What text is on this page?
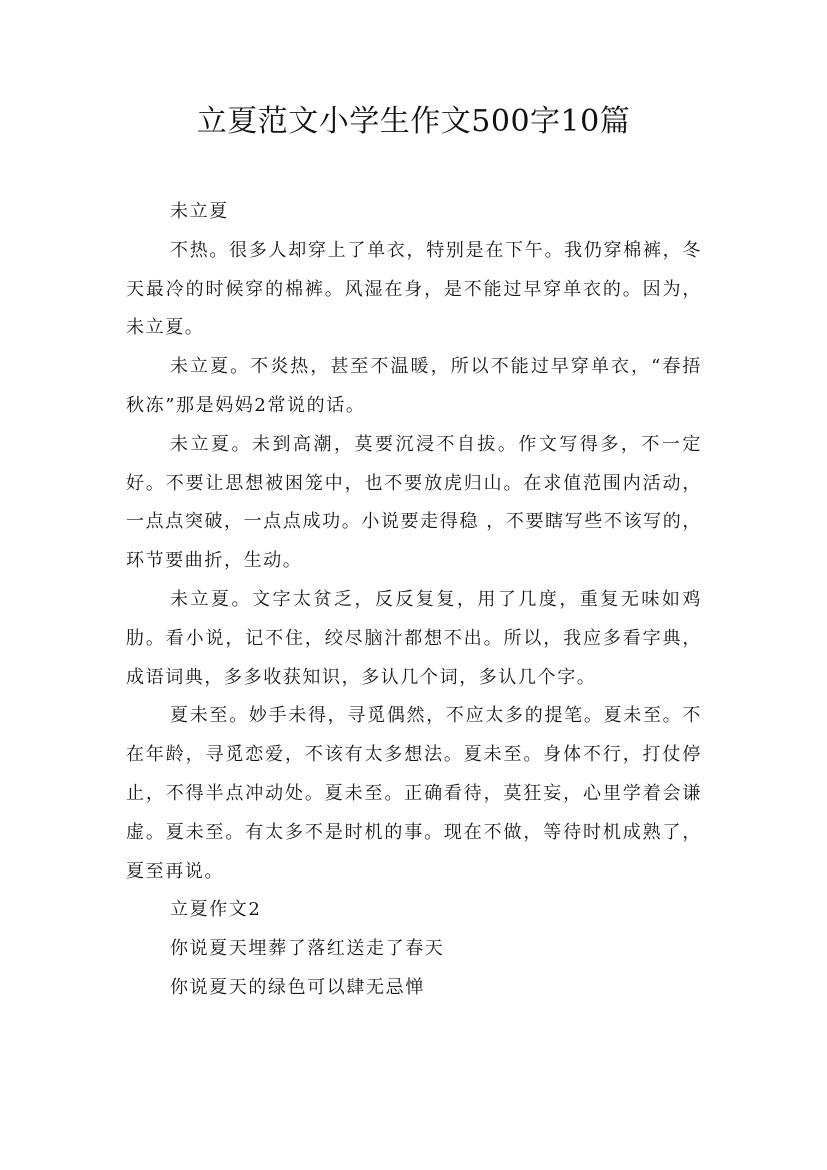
立夏范文小学生作文500字10篇

未立夏

不热。很多人却穿上了单衣，特别是在下午。我仍穿棉裤，冬天最冷的时候穿的棉裤。风湿在身，是不能过早穿单衣的。因为，未立夏。

未立夏。不炎热，甚至不温暖，所以不能过早穿单衣，“春捂秋冻”那是妈妈2常说的话。

未立夏。未到高潮，莫要沉浸不自拔。作文写得多，不一定好。不要让思想被困笼中，也不要放虎归山。在求值范围内活动，一点点突破，一点点成功。小说要走得稳 ，不要瞎写些不该写的，环节要曲折，生动。

未立夏。文字太贫乏，反反复复，用了几度，重复无味如鸡肋。看小说，记不住，绞尽脑汁都想不出。所以，我应多看字典，成语词典，多多收获知识，多认几个词，多认几个字。

夏未至。妙手未得，寻觅偶然，不应太多的提笔。夏未至。不在年龄，寻觅恋爱，不该有太多想法。夏未至。身体不行，打仗停止，不得半点冲动处。夏未至。正确看待，莫狂妄，心里学着会谦虚。夏未至。有太多不是时机的事。现在不做，等待时机成熟了，夏至再说。

立夏作文2

你说夏天埋葬了落红送走了春天

你说夏天的绿色可以肆无忌惮
